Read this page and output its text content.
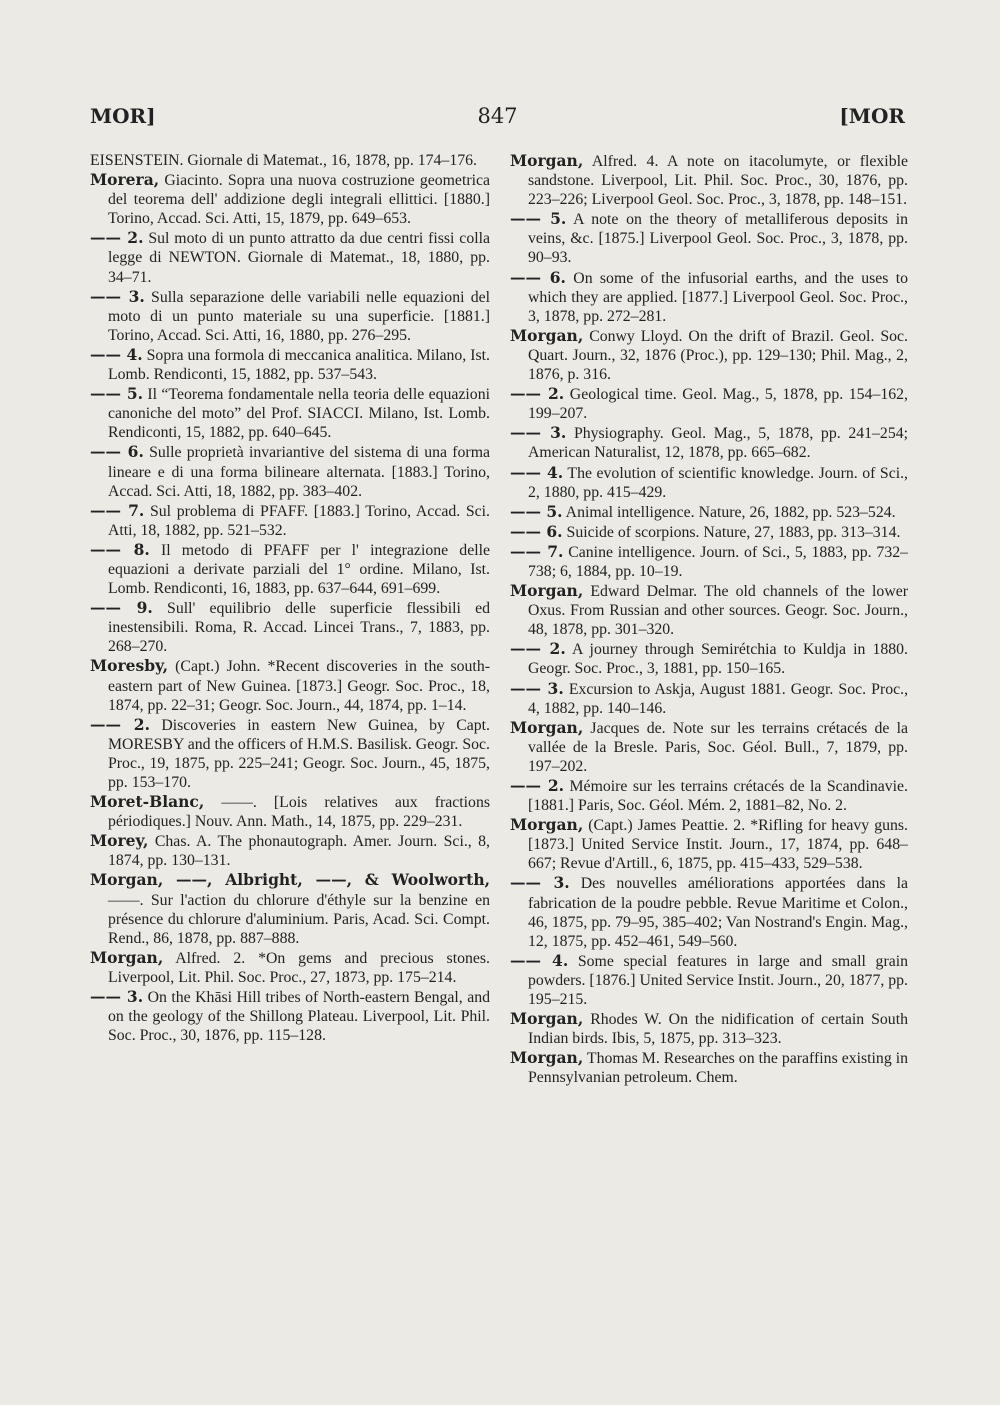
MOR]	847	[MOR

EISENSTEIN. Giornale di Matemat., 16, 1878, pp. 174–176.

Morera, Giacinto. Sopra una nuova costruzione geometrica del teorema dell' addizione degli integrali ellittici. [1880.] Torino, Accad. Sci. Atti, 15, 1879, pp. 649–653.

—— 2. Sul moto di un punto attratto da due centri fissi colla legge di NEWTON. Giornale di Matemat., 18, 1880, pp. 34–71.

—— 3. Sulla separazione delle variabili nelle equazioni del moto di un punto materiale su una superficie. [1881.] Torino, Accad. Sci. Atti, 16, 1880, pp. 276–295.

—— 4. Sopra una formola di meccanica analitica. Milano, Ist. Lomb. Rendiconti, 15, 1882, pp. 537–543.

—— 5. Il “Teorema fondamentale nella teoria delle equazioni canoniche del moto” del Prof. SIACCI. Milano, Ist. Lomb. Rendiconti, 15, 1882, pp. 640–645.

—— 6. Sulle proprietà invariantive del sistema di una forma lineare e di una forma bilineare alternata. [1883.] Torino, Accad. Sci. Atti, 18, 1882, pp. 383–402.

—— 7. Sul problema di PFAFF. [1883.] Torino, Accad. Sci. Atti, 18, 1882, pp. 521–532.

—— 8. Il metodo di PFAFF per l' integrazione delle equazioni a derivate parziali del 1° ordine. Milano, Ist. Lomb. Rendiconti, 16, 1883, pp. 637–644, 691–699.

—— 9. Sull' equilibrio delle superficie flessibili ed inestensibili. Roma, R. Accad. Lincei Trans., 7, 1883, pp. 268–270.

Moresby, (Capt.) John. *Recent discoveries in the south-eastern part of New Guinea. [1873.] Geogr. Soc. Proc., 18, 1874, pp. 22–31; Geogr. Soc. Journ., 44, 1874, pp. 1–14.

—— 2. Discoveries in eastern New Guinea, by Capt. MORESBY and the officers of H.M.S. Basilisk. Geogr. Soc. Proc., 19, 1875, pp. 225–241; Geogr. Soc. Journ., 45, 1875, pp. 153–170.

Moret-Blanc, ——. [Lois relatives aux fractions périodiques.] Nouv. Ann. Math., 14, 1875, pp. 229–231.

Morey, Chas. A. The phonautograph. Amer. Journ. Sci., 8, 1874, pp. 130–131.

Morgan, ——, Albright, ——, & Woolworth, ——. Sur l'action du chlorure d'éthyle sur la benzine en présence du chlorure d'aluminium. Paris, Acad. Sci. Compt. Rend., 86, 1878, pp. 887–888.

Morgan, Alfred. 2. *On gems and precious stones. Liverpool, Lit. Phil. Soc. Proc., 27, 1873, pp. 175–214.

—— 3. On the Khāsi Hill tribes of North-eastern Bengal, and on the geology of the Shillong Plateau. Liverpool, Lit. Phil. Soc. Proc., 30, 1876, pp. 115–128.

Morgan, Alfred. 4. A note on itacolumyte, or flexible sandstone. Liverpool, Lit. Phil. Soc. Proc., 30, 1876, pp. 223–226; Liverpool Geol. Soc. Proc., 3, 1878, pp. 148–151.

—— 5. A note on the theory of metalliferous deposits in veins, &c. [1875.] Liverpool Geol. Soc. Proc., 3, 1878, pp. 90–93.

—— 6. On some of the infusorial earths, and the uses to which they are applied. [1877.] Liverpool Geol. Soc. Proc., 3, 1878, pp. 272–281.

Morgan, Conwy Lloyd. On the drift of Brazil. Geol. Soc. Quart. Journ., 32, 1876 (Proc.), pp. 129–130; Phil. Mag., 2, 1876, p. 316.

—— 2. Geological time. Geol. Mag., 5, 1878, pp. 154–162, 199–207.

—— 3. Physiography. Geol. Mag., 5, 1878, pp. 241–254; American Naturalist, 12, 1878, pp. 665–682.

—— 4. The evolution of scientific knowledge. Journ. of Sci., 2, 1880, pp. 415–429.

—— 5. Animal intelligence. Nature, 26, 1882, pp. 523–524.

—— 6. Suicide of scorpions. Nature, 27, 1883, pp. 313–314.

—— 7. Canine intelligence. Journ. of Sci., 5, 1883, pp. 732–738; 6, 1884, pp. 10–19.

Morgan, Edward Delmar. The old channels of the lower Oxus. From Russian and other sources. Geogr. Soc. Journ., 48, 1878, pp. 301–320.

—— 2. A journey through Semirétchia to Kuldja in 1880. Geogr. Soc. Proc., 3, 1881, pp. 150–165.

—— 3. Excursion to Askja, August 1881. Geogr. Soc. Proc., 4, 1882, pp. 140–146.

Morgan, Jacques de. Note sur les terrains crétacés de la vallée de la Bresle. Paris, Soc. Géol. Bull., 7, 1879, pp. 197–202.

—— 2. Mémoire sur les terrains crétacés de la Scandinavie. [1881.] Paris, Soc. Géol. Mém. 2, 1881–82, No. 2.

Morgan, (Capt.) James Peattie. 2. *Rifling for heavy guns. [1873.] United Service Instit. Journ., 17, 1874, pp. 648–667; Revue d'Artill., 6, 1875, pp. 415–433, 529–538.

—— 3. Des nouvelles améliorations apportées dans la fabrication de la poudre pebble. Revue Maritime et Colon., 46, 1875, pp. 79–95, 385–402; Van Nostrand's Engin. Mag., 12, 1875, pp. 452–461, 549–560.

—— 4. Some special features in large and small grain powders. [1876.] United Service Instit. Journ., 20, 1877, pp. 195–215.

Morgan, Rhodes W. On the nidification of certain South Indian birds. Ibis, 5, 1875, pp. 313–323.

Morgan, Thomas M. Researches on the paraffins existing in Pennsylvanian petroleum. Chem.
